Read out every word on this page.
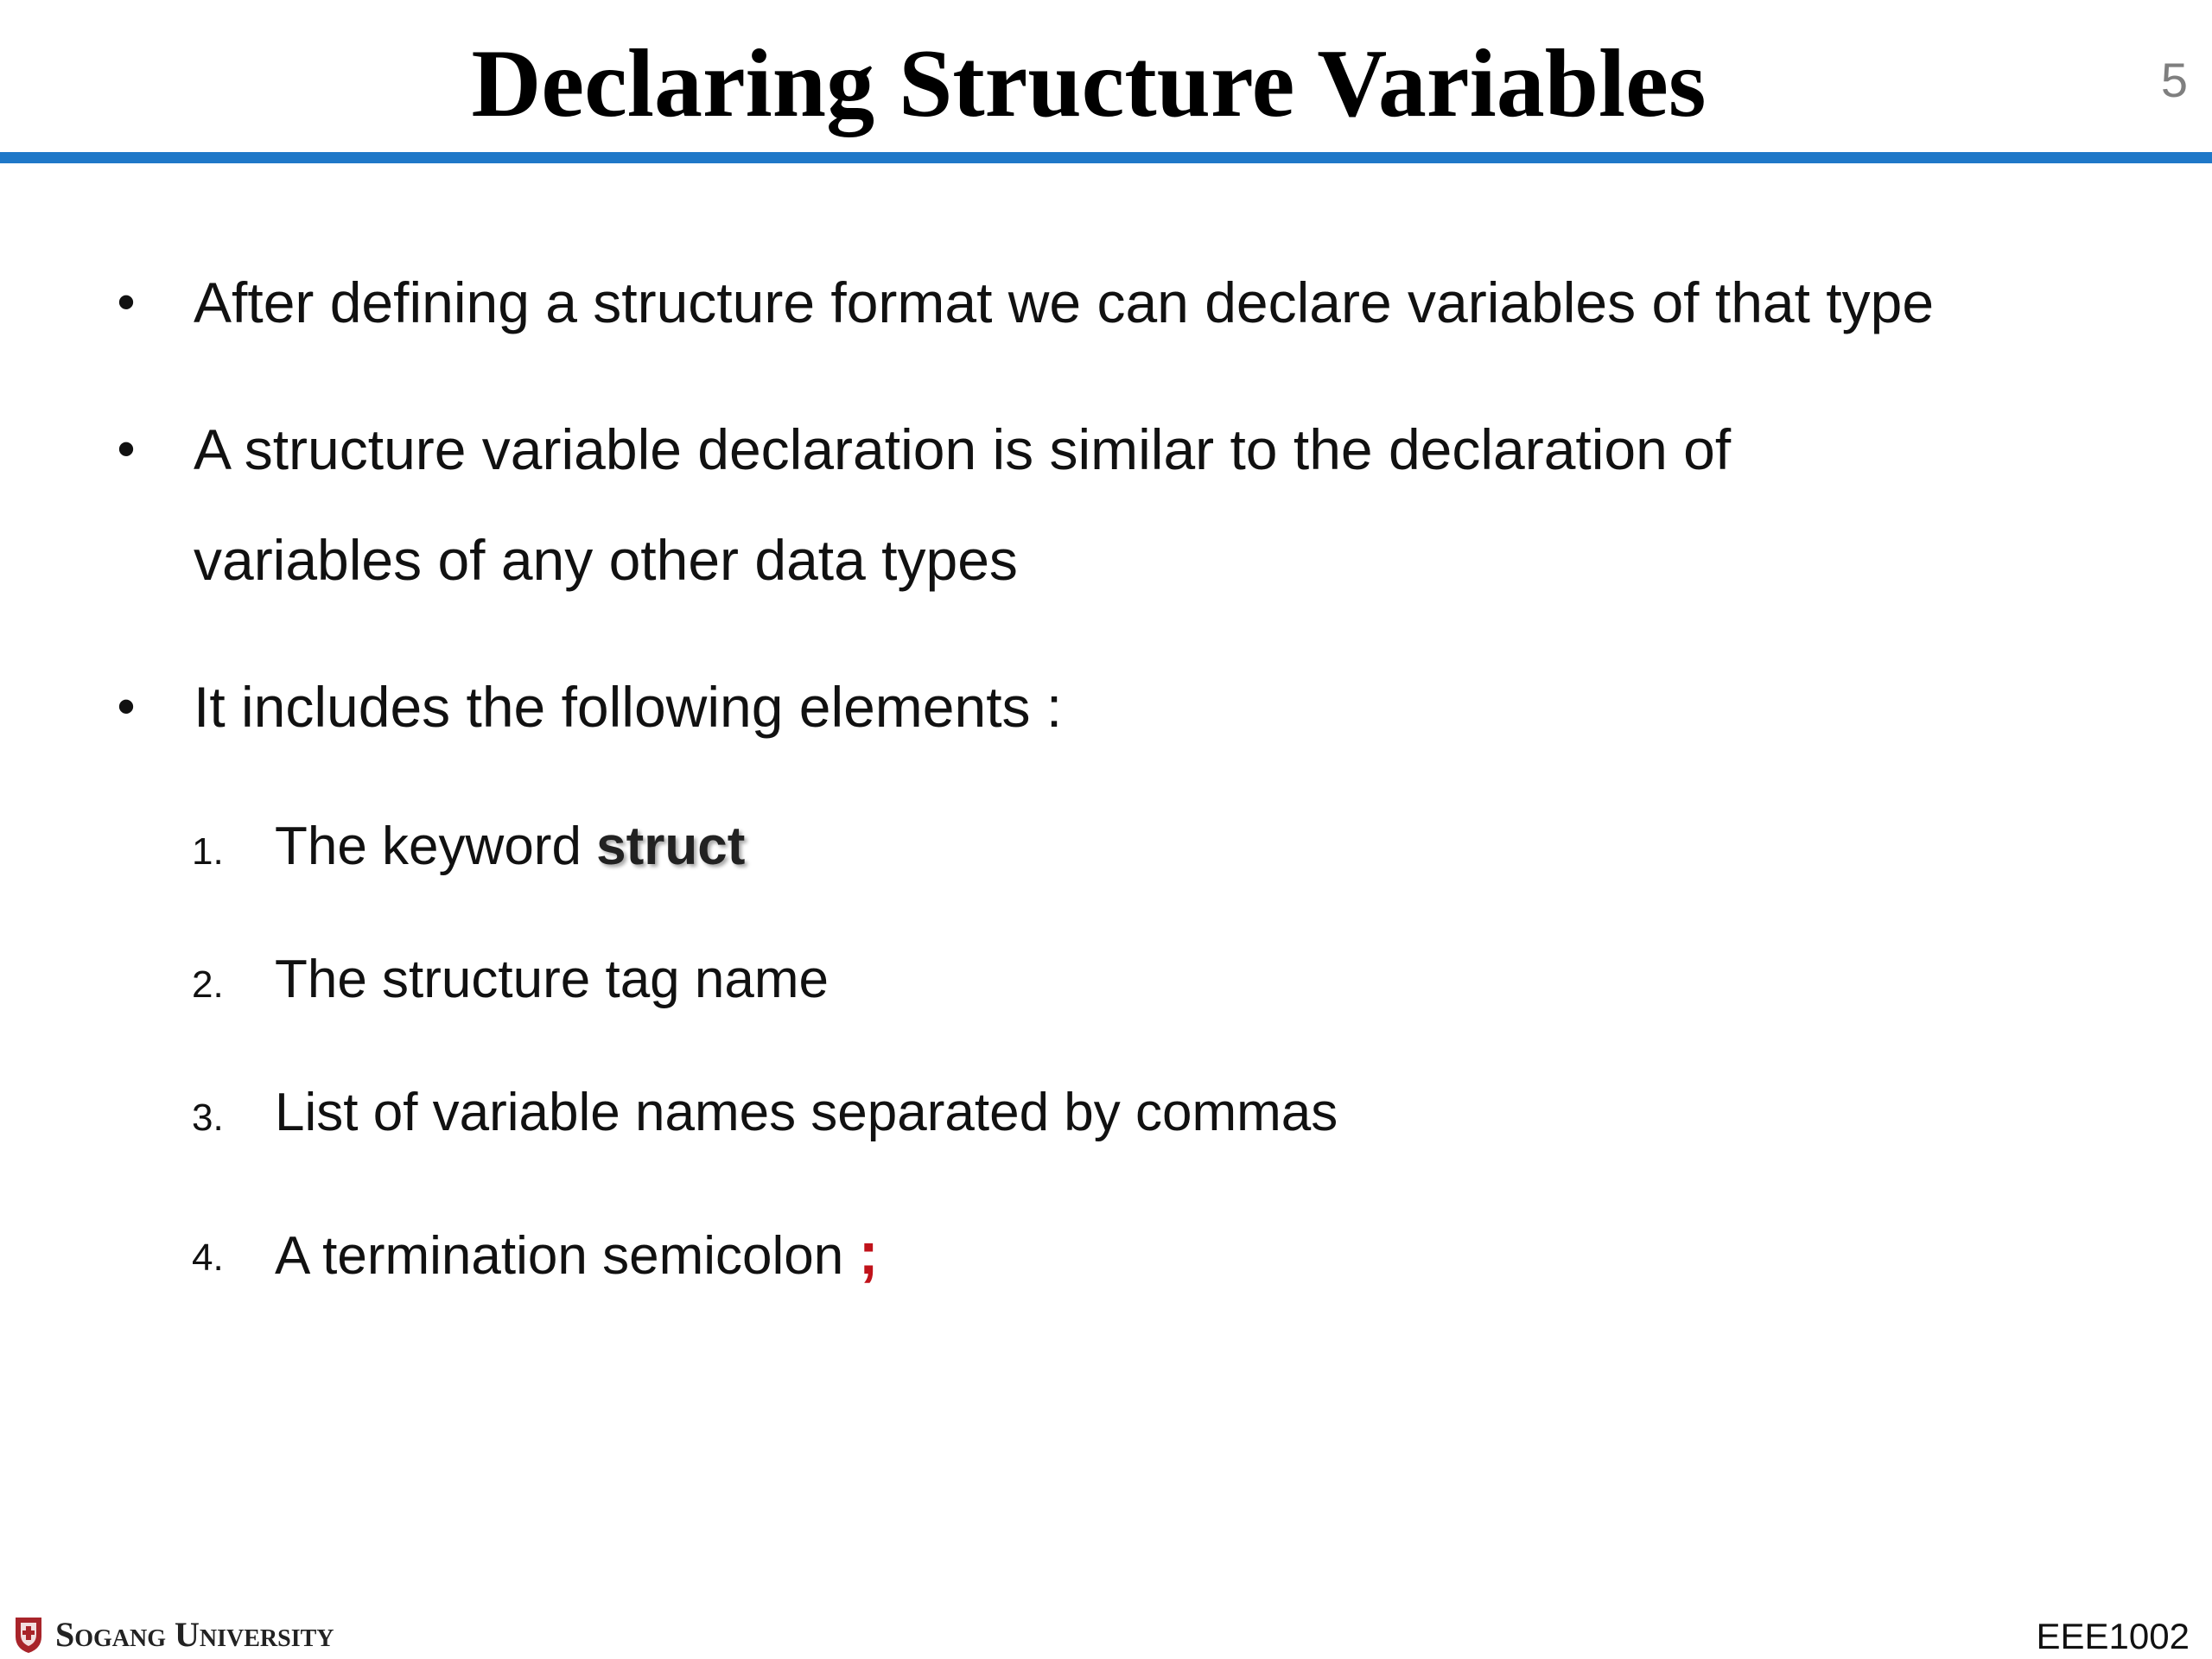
Declaring Structure Variables	5
• After defining a structure format we can declare variables of that type
• A structure variable declaration is similar to the declaration of
variables of any other data types
• It includes the following elements :
1. The keyword struct
2. The structure tag name
3. List of variable names separated by commas
4. A termination semicolon ;
Sogang University	EEE1002
